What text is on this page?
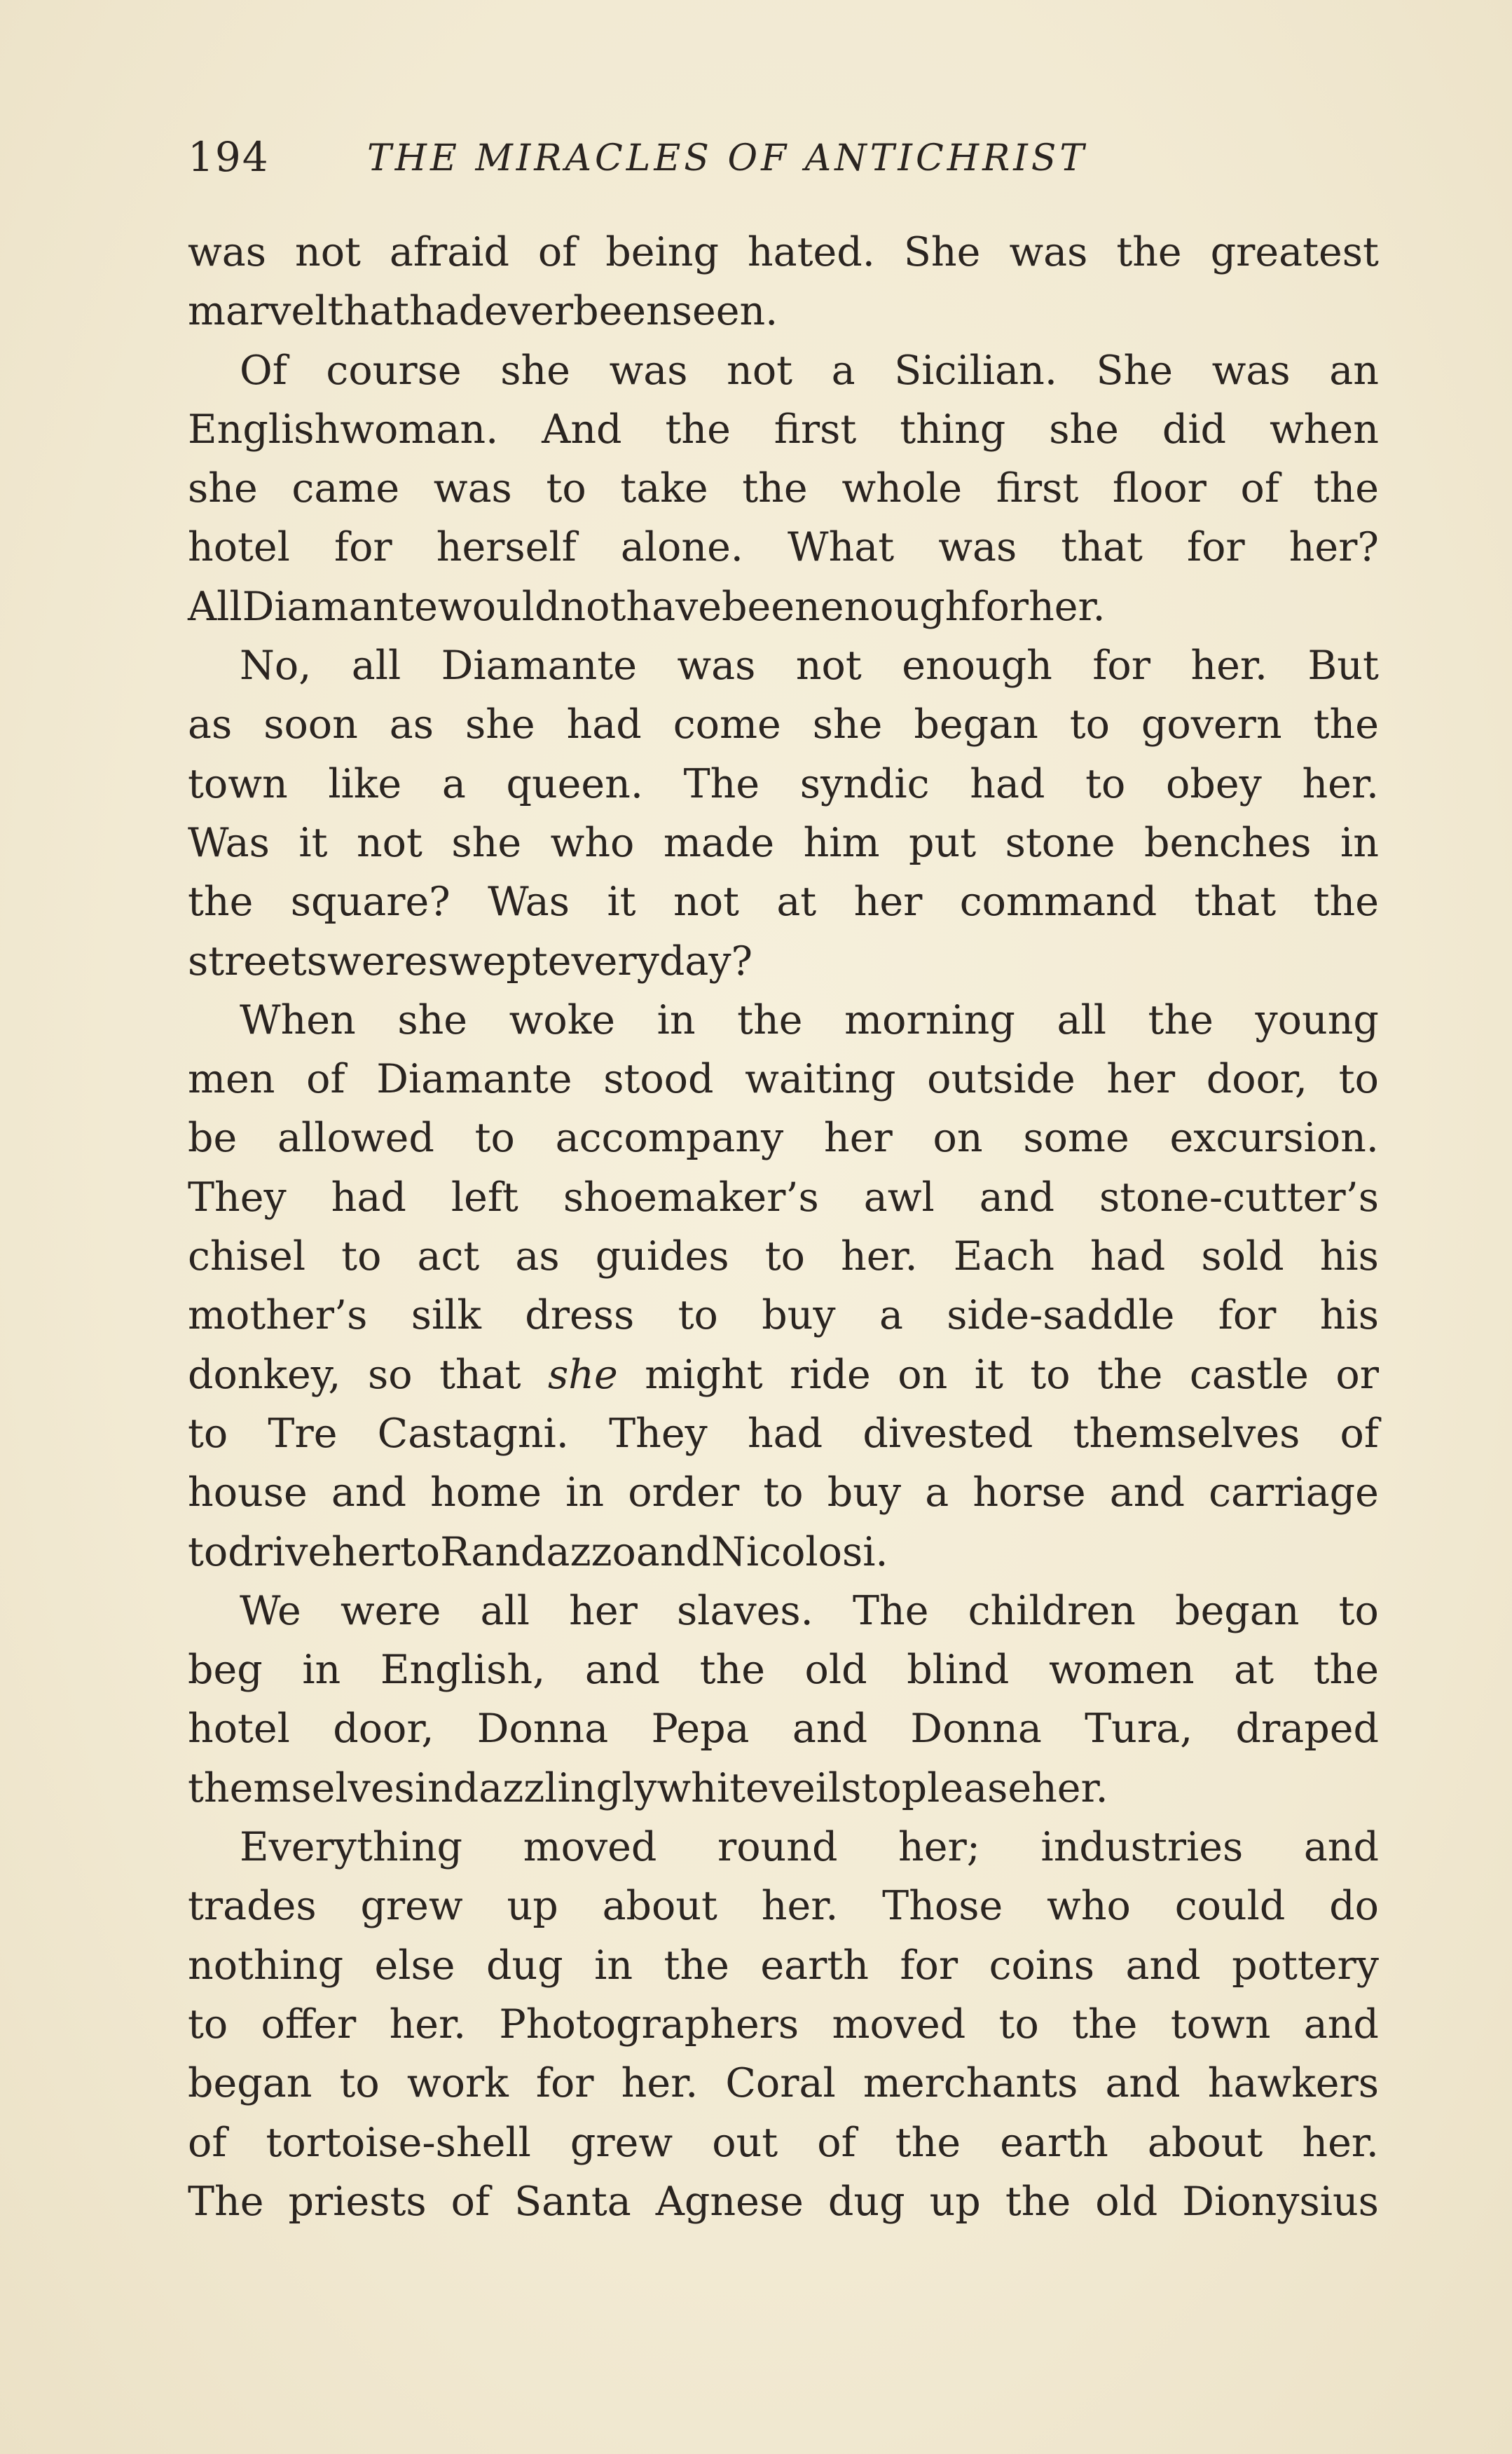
194	THE MIRACLES OF ANTICHRIST
was not afraid of being hated. She was the greatest
marvel that had ever been seen.
Of course she was not a Sicilian. She was an
Englishwoman. And the first thing she did when
she came was to take the whole first floor of the
hotel for herself alone. What was that for her?
All Diamante would not have been enough for her.
No, all Diamante was not enough for her. But
as soon as she had come she began to govern the
town like a queen. The syndic had to obey her.
Was it not she who made him put stone benches in
the square? Was it not at her command that the
streets were swept every day?
When she woke in the morning all the young
men of Diamante stood waiting outside her door, to
be allowed to accompany her on some excursion.
They had left shoemaker’s awl and stone-cutter’s
chisel to act as guides to her. Each had sold his
mother’s silk dress to buy a side-saddle for his
donkey, so that she might ride on it to the castle or
to Tre Castagni. They had divested themselves of
house and home in order to buy a horse and carriage
to drive her to Randazzo and Nicolosi.
We were all her slaves. The children began to
beg in English, and the old blind women at the
hotel door, Donna Pepa and Donna Tura, draped
themselves in dazzlingly white veils to please her.
Everything moved round her; industries and
trades grew up about her. Those who could do
nothing else dug in the earth for coins and pottery
to offer her. Photographers moved to the town and
began to work for her. Coral merchants and hawkers
of tortoise-shell grew out of the earth about her.
The priests of Santa Agnese dug up the old Dionysius
